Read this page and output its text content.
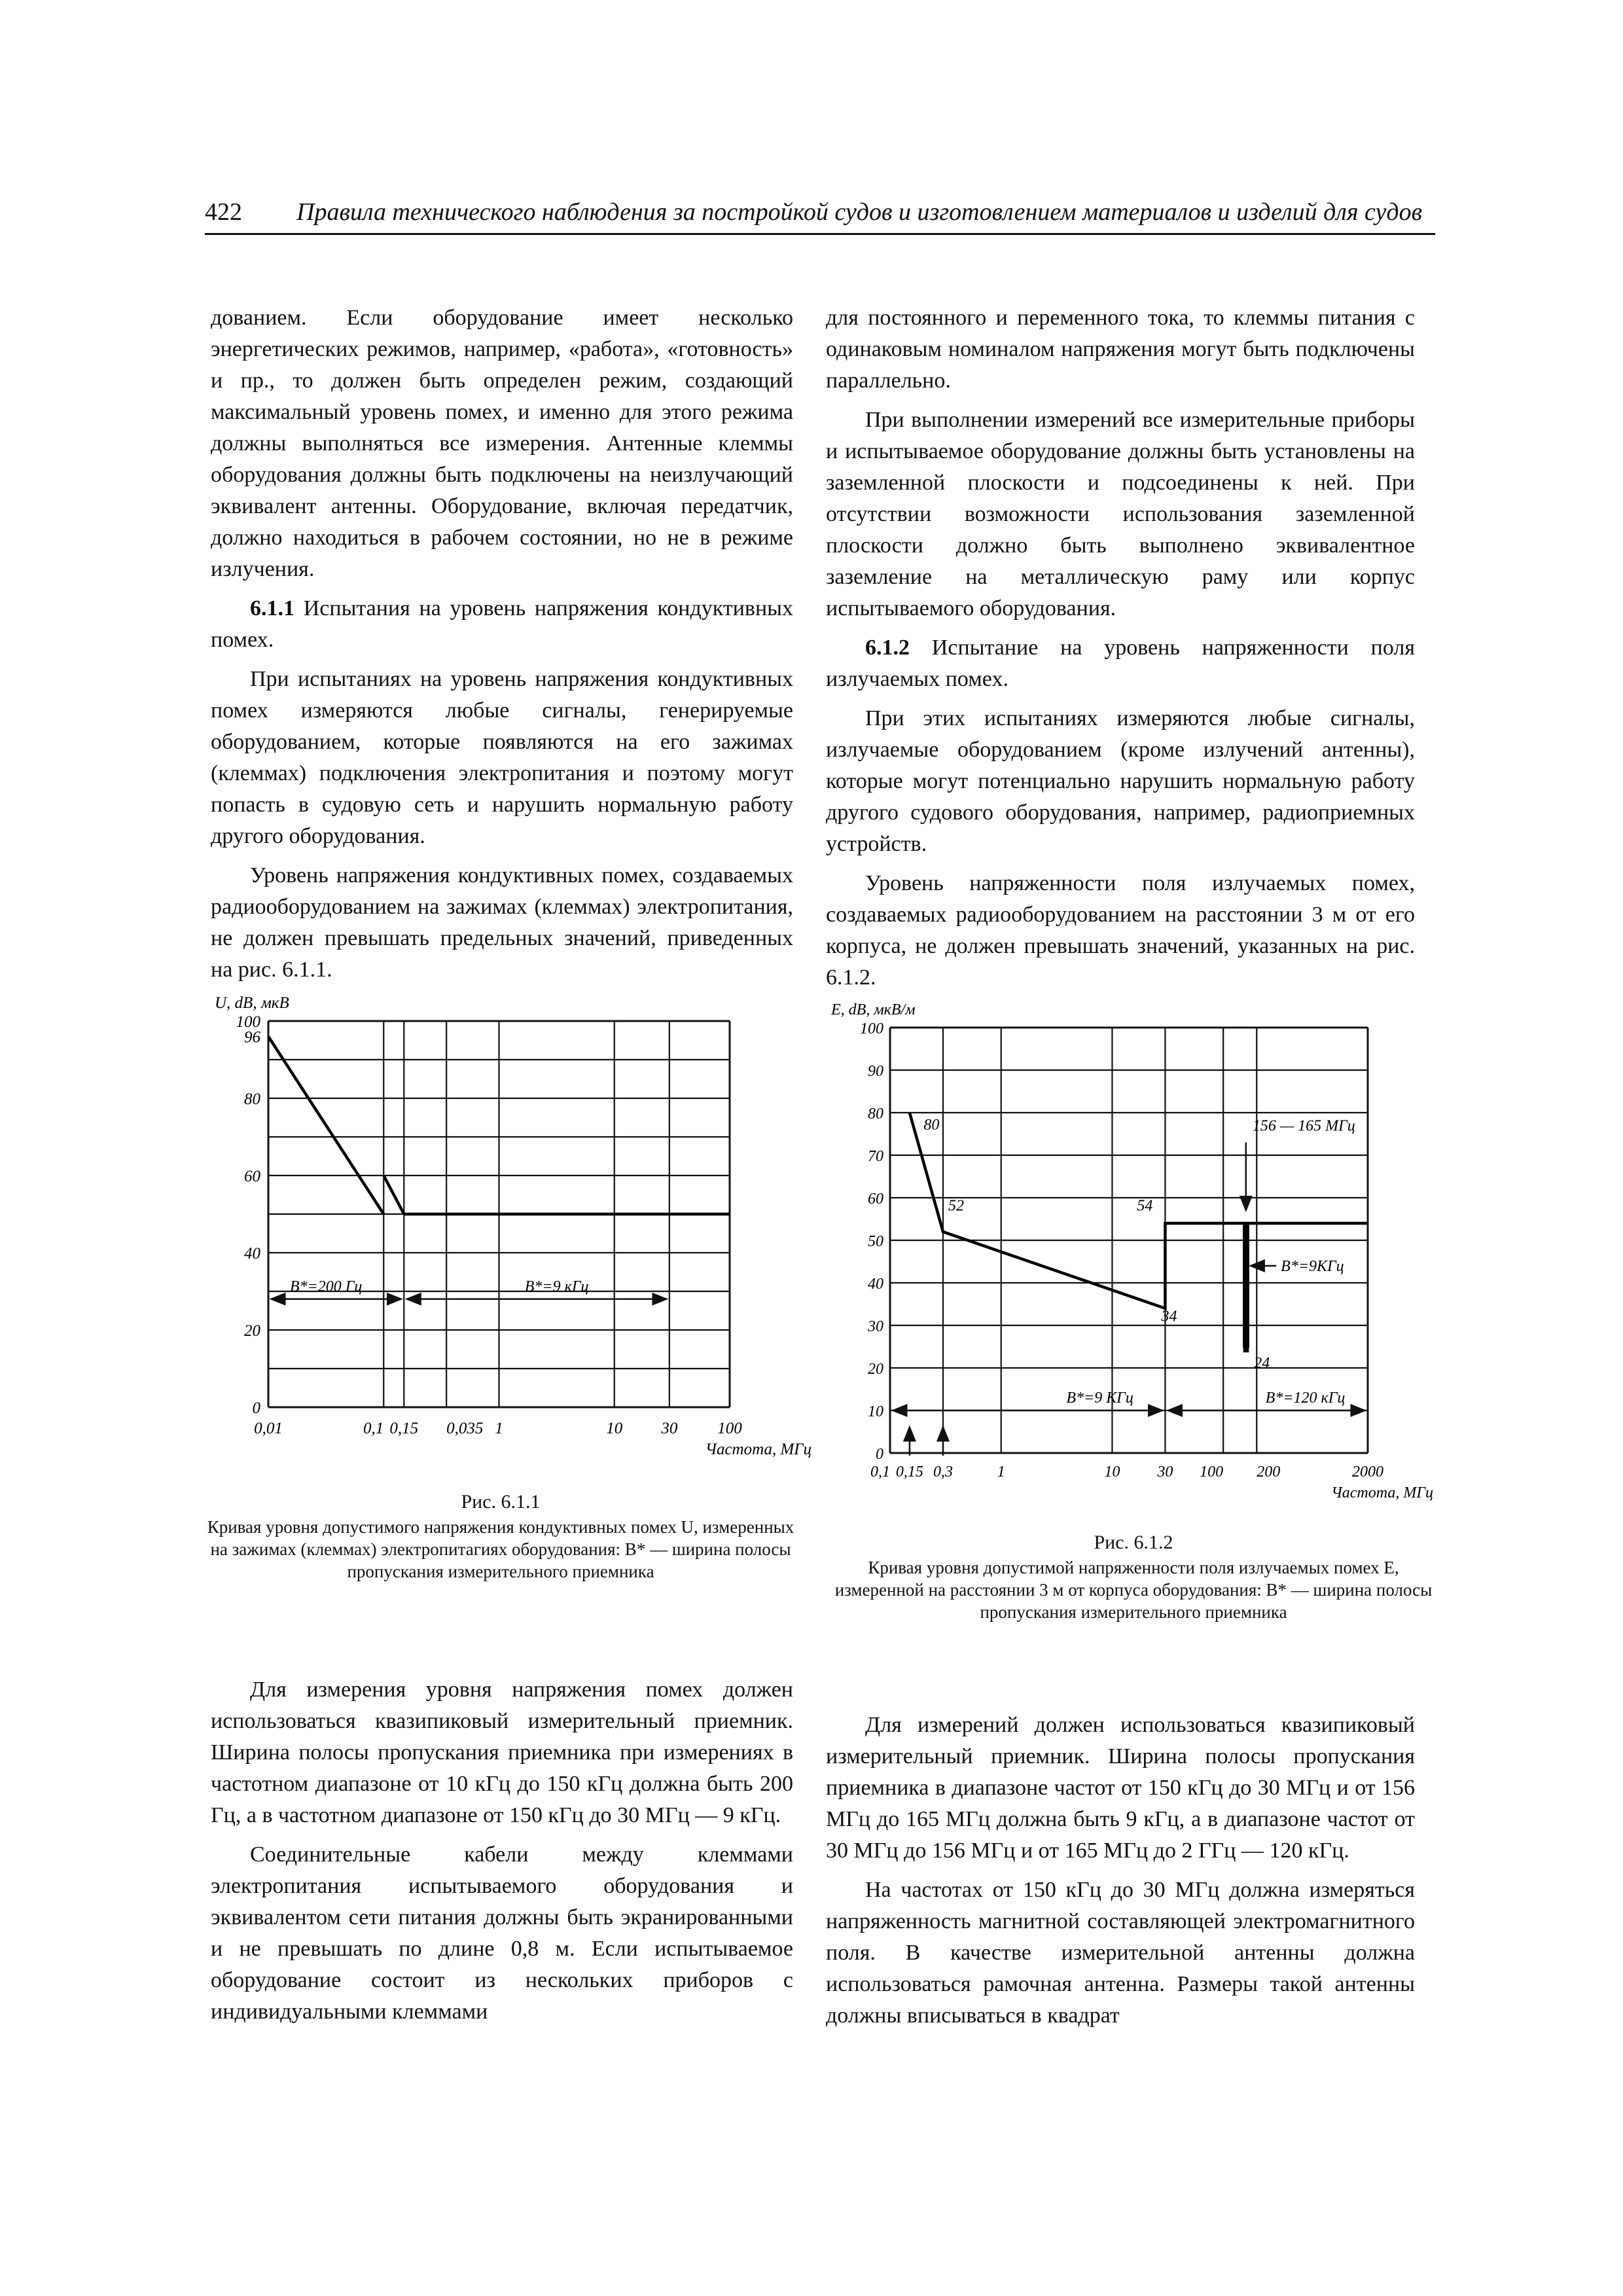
422 Правила технического наблюдения за постройкой судов и изготовлением материалов и изделий для судов

дованием. Если оборудование имеет несколько энергетических режимов, например, «работа», «готовность» и пр., то должен быть определен режим, создающий максимальный уровень помех, и именно для этого режима должны выполняться все измерения. Антенные клеммы оборудования должны быть подключены на неизлучающий эквивалент антенны. Оборудование, включая передатчик, должно находиться в рабочем состоянии, но не в режиме излучения.

6.1.1 Испытания на уровень напряжения кондуктивных помех.

При испытаниях на уровень напряжения кондуктивных помех измеряются любые сигналы, генерируемые оборудованием, которые появляются на его зажимах (клеммах) подключения электропитания и поэтому могут попасть в судовую сеть и нарушить нормальную работу другого оборудования.

Уровень напряжения кондуктивных помех, создаваемых радиооборудованием на зажимах (клеммах) электропитания, не должен превышать предельных значений, приведенных на рис. 6.1.1.

для постоянного и переменного тока, то клеммы питания с одинаковым номиналом напряжения могут быть подключены параллельно.

При выполнении измерений все измерительные приборы и испытываемое оборудование должны быть установлены на заземленной плоскости и подсоединены к ней. При отсутствии возможности использования заземленной плоскости должно быть выполнено эквивалентное заземление на металлическую раму или корпус испытываемого оборудования.

6.1.2 Испытание на уровень напряженности поля излучаемых помех.

При этих испытаниях измеряются любые сигналы, излучаемые оборудованием (кроме излучений антенны), которые могут потенциально нарушить нормальную работу другого судового оборудования, например, радиоприемных устройств.

Уровень напряженности поля излучаемых помех, создаваемых радиооборудованием на расстоянии 3 м от его корпуса, не должен превышать значений, указанных на рис. 6.1.2.

U, dB, мкВ
0
20
40
60
80
96
100
0,01	0,1 0,15 0,035 1	10 30 100
Частота, МГц
B*=200 Гц	B*=9 кГц
Рис. 6.1.1
Кривая уровня допустимого напряжения кондуктивных помех U, измеренных на зажимах (клеммах) электропитагиях оборудования: B* — ширина полосы пропускания измерительного приемника
E, dB, мкВ/м
0
10
20
30
40
50
60
70
80
90
100
0,1 0,15 0,3	1	10 30 100 200	2000
Частота, МГц
80
52
34
54
24
156 — 165 МГц
B*=9КГц
B*=9 КГц	B*=120 кГц
Рис. 6.1.2
Кривая уровня допустимой напряженности поля излучаемых помех E, измеренной на расстоянии 3 м от корпуса оборудования: B* — ширина полосы пропускания измерительного приемника

Для измерения уровня напряжения помех должен использоваться квазипиковый измерительный приемник. Ширина полосы пропускания приемника при измерениях в частотном диапазоне от 10 кГц до 150 кГц должна быть 200 Гц, а в частотном диапазоне от 150 кГц до 30 МГц — 9 кГц.

Соединительные кабели между клеммами электропитания испытываемого оборудования и эквивалентом сети питания должны быть экранированными и не превышать по длине 0,8 м. Если испытываемое оборудование состоит из нескольких приборов с индивидуальными клеммами

Для измерений должен использоваться квазипиковый измерительный приемник. Ширина полосы пропускания приемника в диапазоне частот от 150 кГц до 30 МГц и от 156 МГц до 165 МГц должна быть 9 кГц, а в диапазоне частот от 30 МГц до 156 МГц и от 165 МГц до 2 ГГц — 120 кГц.

На частотах от 150 кГц до 30 МГц должна измеряться напряженность магнитной составляющей электромагнитного поля. В качестве измерительной антенны должна использоваться рамочная антенна. Размеры такой антенны должны вписываться в квадрат
